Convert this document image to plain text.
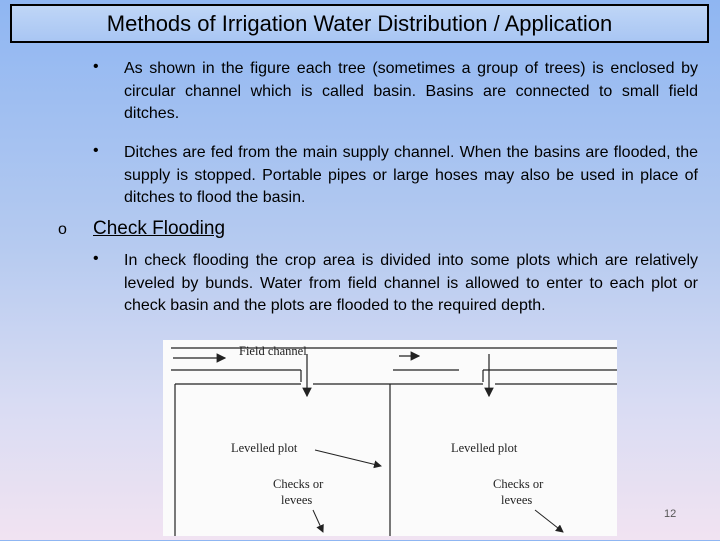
Methods of Irrigation Water Distribution / Application
• As shown in the figure each tree (sometimes a group of trees) is enclosed by circular channel which is called basin. Basins are connected to small field ditches.
• Ditches are fed from the main supply channel. When the basins are flooded, the supply is stopped. Portable pipes or large hoses may also be used in place of ditches to flood the basin.
o Check Flooding
• In check flooding the crop area is divided into some plots which are relatively leveled by bunds. Water from field channel is allowed to enter to each plot or check basin and the plots are flooded to the required depth.
Field channel
Levelled plot	Levelled plot
Checks or
levees
Checks or
levees
12
